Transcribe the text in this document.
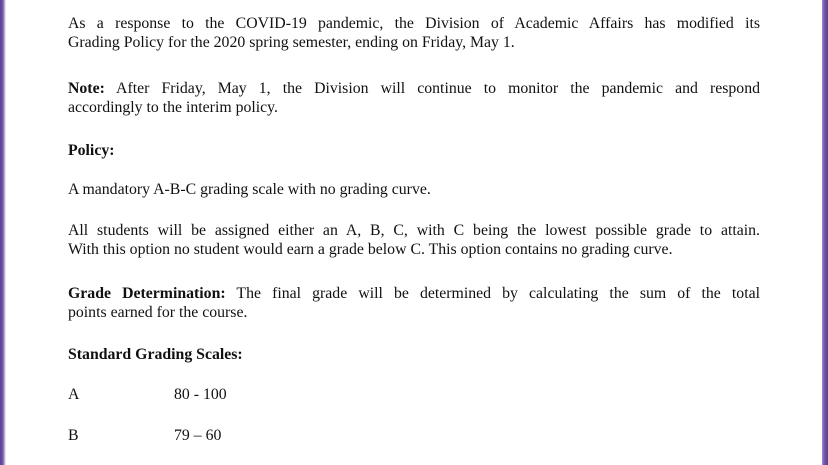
As a response to the COVID-19 pandemic, the Division of Academic Affairs has modified its
Grading Policy for the 2020 spring semester, ending on Friday, May 1.

Note: After Friday, May 1, the Division will continue to monitor the pandemic and respond
accordingly to the interim policy.

Policy:

A mandatory A-B-C grading scale with no grading curve.

All students will be assigned either an A, B, C, with C being the lowest possible grade to attain.
With this option no student would earn a grade below C. This option contains no grading curve.

Grade Determination: The final grade will be determined by calculating the sum of the total
points earned for the course.

Standard Grading Scales:

A	80 - 100
B	79 – 60
